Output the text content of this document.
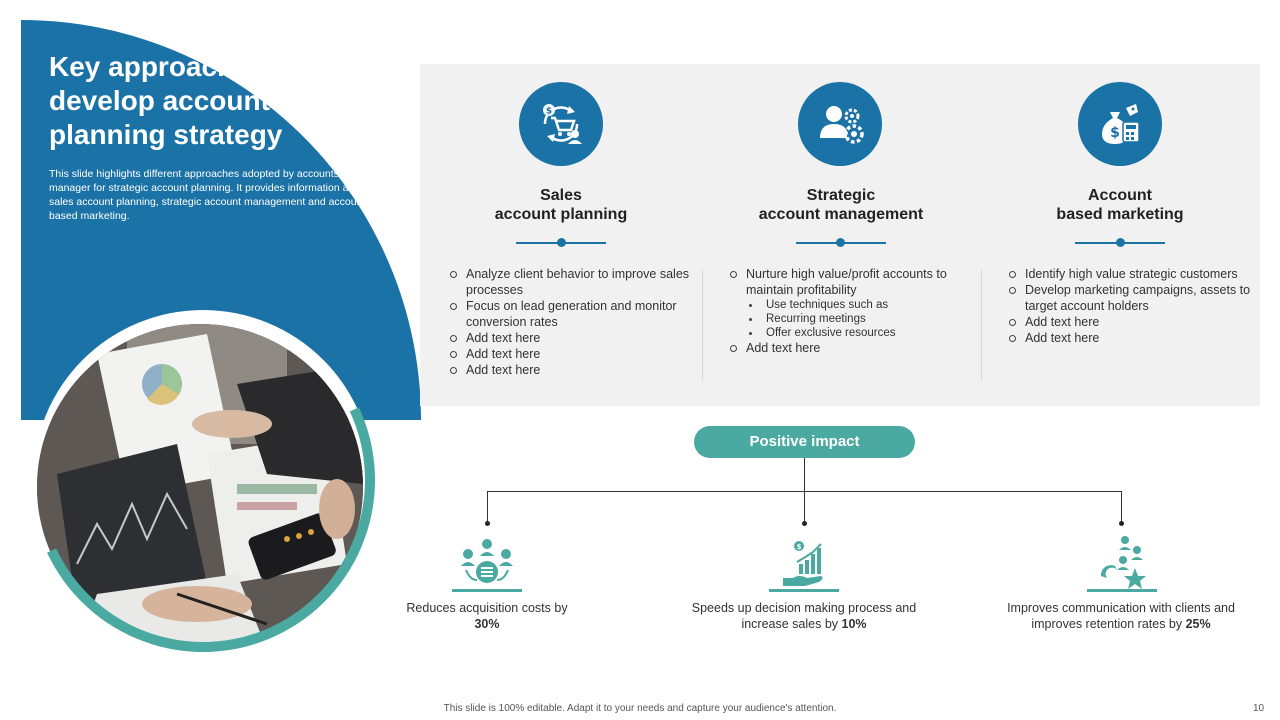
Key approaches to develop account planning strategy
This slide highlights different approaches adopted by accounts manager for strategic account planning. It provides information about sales account planning, strategic account management and account based marketing.
$
Sales
account planning
Analyze client behavior to improve sales processes
Focus on lead generation and monitor conversion rates
Add text here
Add text here
Add text here
Strategic
account management
Nurture high value/profit accounts to maintain profitability
Use techniques such as
Recurring meetings
Offer exclusive resources
Add text here
$
Account
based marketing
Identify high value strategic customers
Develop marketing campaigns, assets to target account holders
Add text here
Add text here
Positive impact
Reduces acquisition costs by 30%
$
Speeds up decision making process and increase sales by 10%
Improves communication with clients and improves retention rates by 25%
This slide is 100% editable. Adapt it to your needs and capture your audience's attention.	10
